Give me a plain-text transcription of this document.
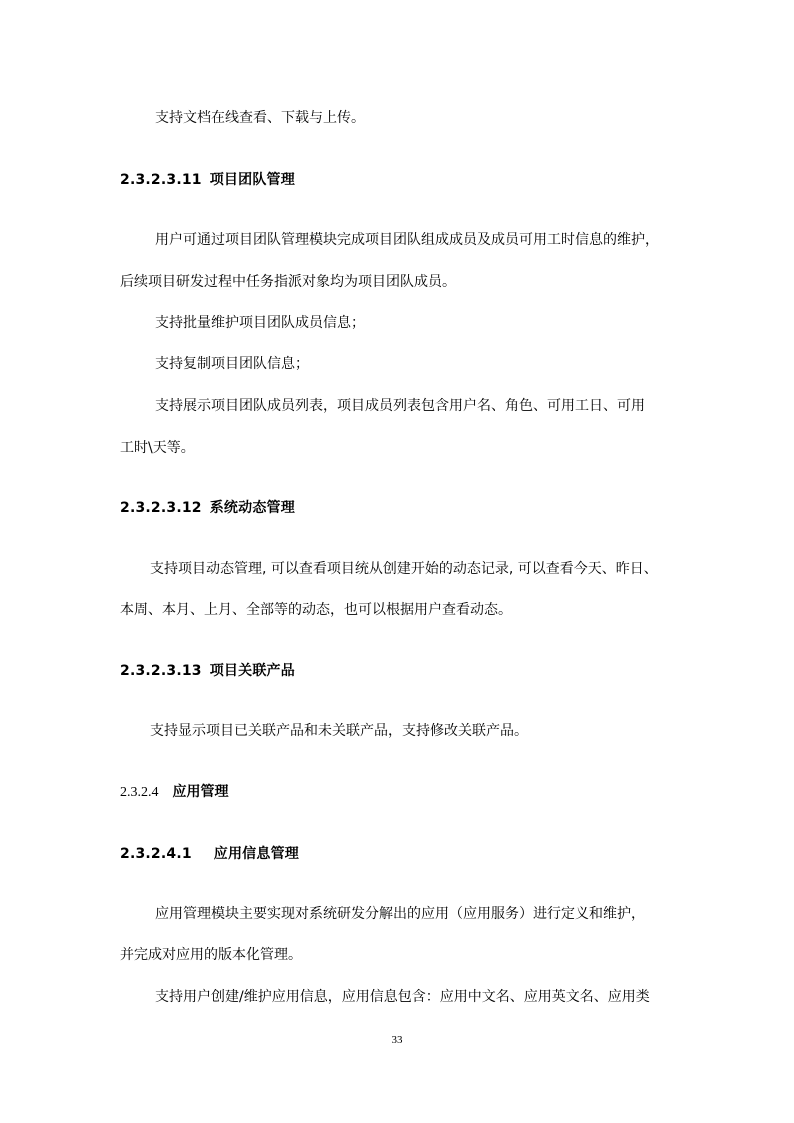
支持文档在线查看、下载与上传。
2.3.2.3.11 项目团队管理
用户可通过项目团队管理模块完成项目团队组成成员及成员可用工时信息的维护，
后续项目研发过程中任务指派对象均为项目团队成员。
支持批量维护项目团队成员信息；
支持复制项目团队信息；
支持展示项目团队成员列表，项目成员列表包含用户名、角色、可用工日、可用
工时\天等。
2.3.2.3.12 系统动态管理
支持项目动态管理, 可以查看项目统从创建开始的动态记录, 可以查看今天、昨日、
本周、本月、上月、全部等的动态，也可以根据用户查看动态。
2.3.2.3.13 项目关联产品
支持显示项目已关联产品和未关联产品，支持修改关联产品。
2.3.2.4 应用管理
2.3.2.4.1 应用信息管理
应用管理模块主要实现对系统研发分解出的应用（应用服务）进行定义和维护，
并完成对应用的版本化管理。
支持用户创建/维护应用信息，应用信息包含：应用中文名、应用英文名、应用类
33
